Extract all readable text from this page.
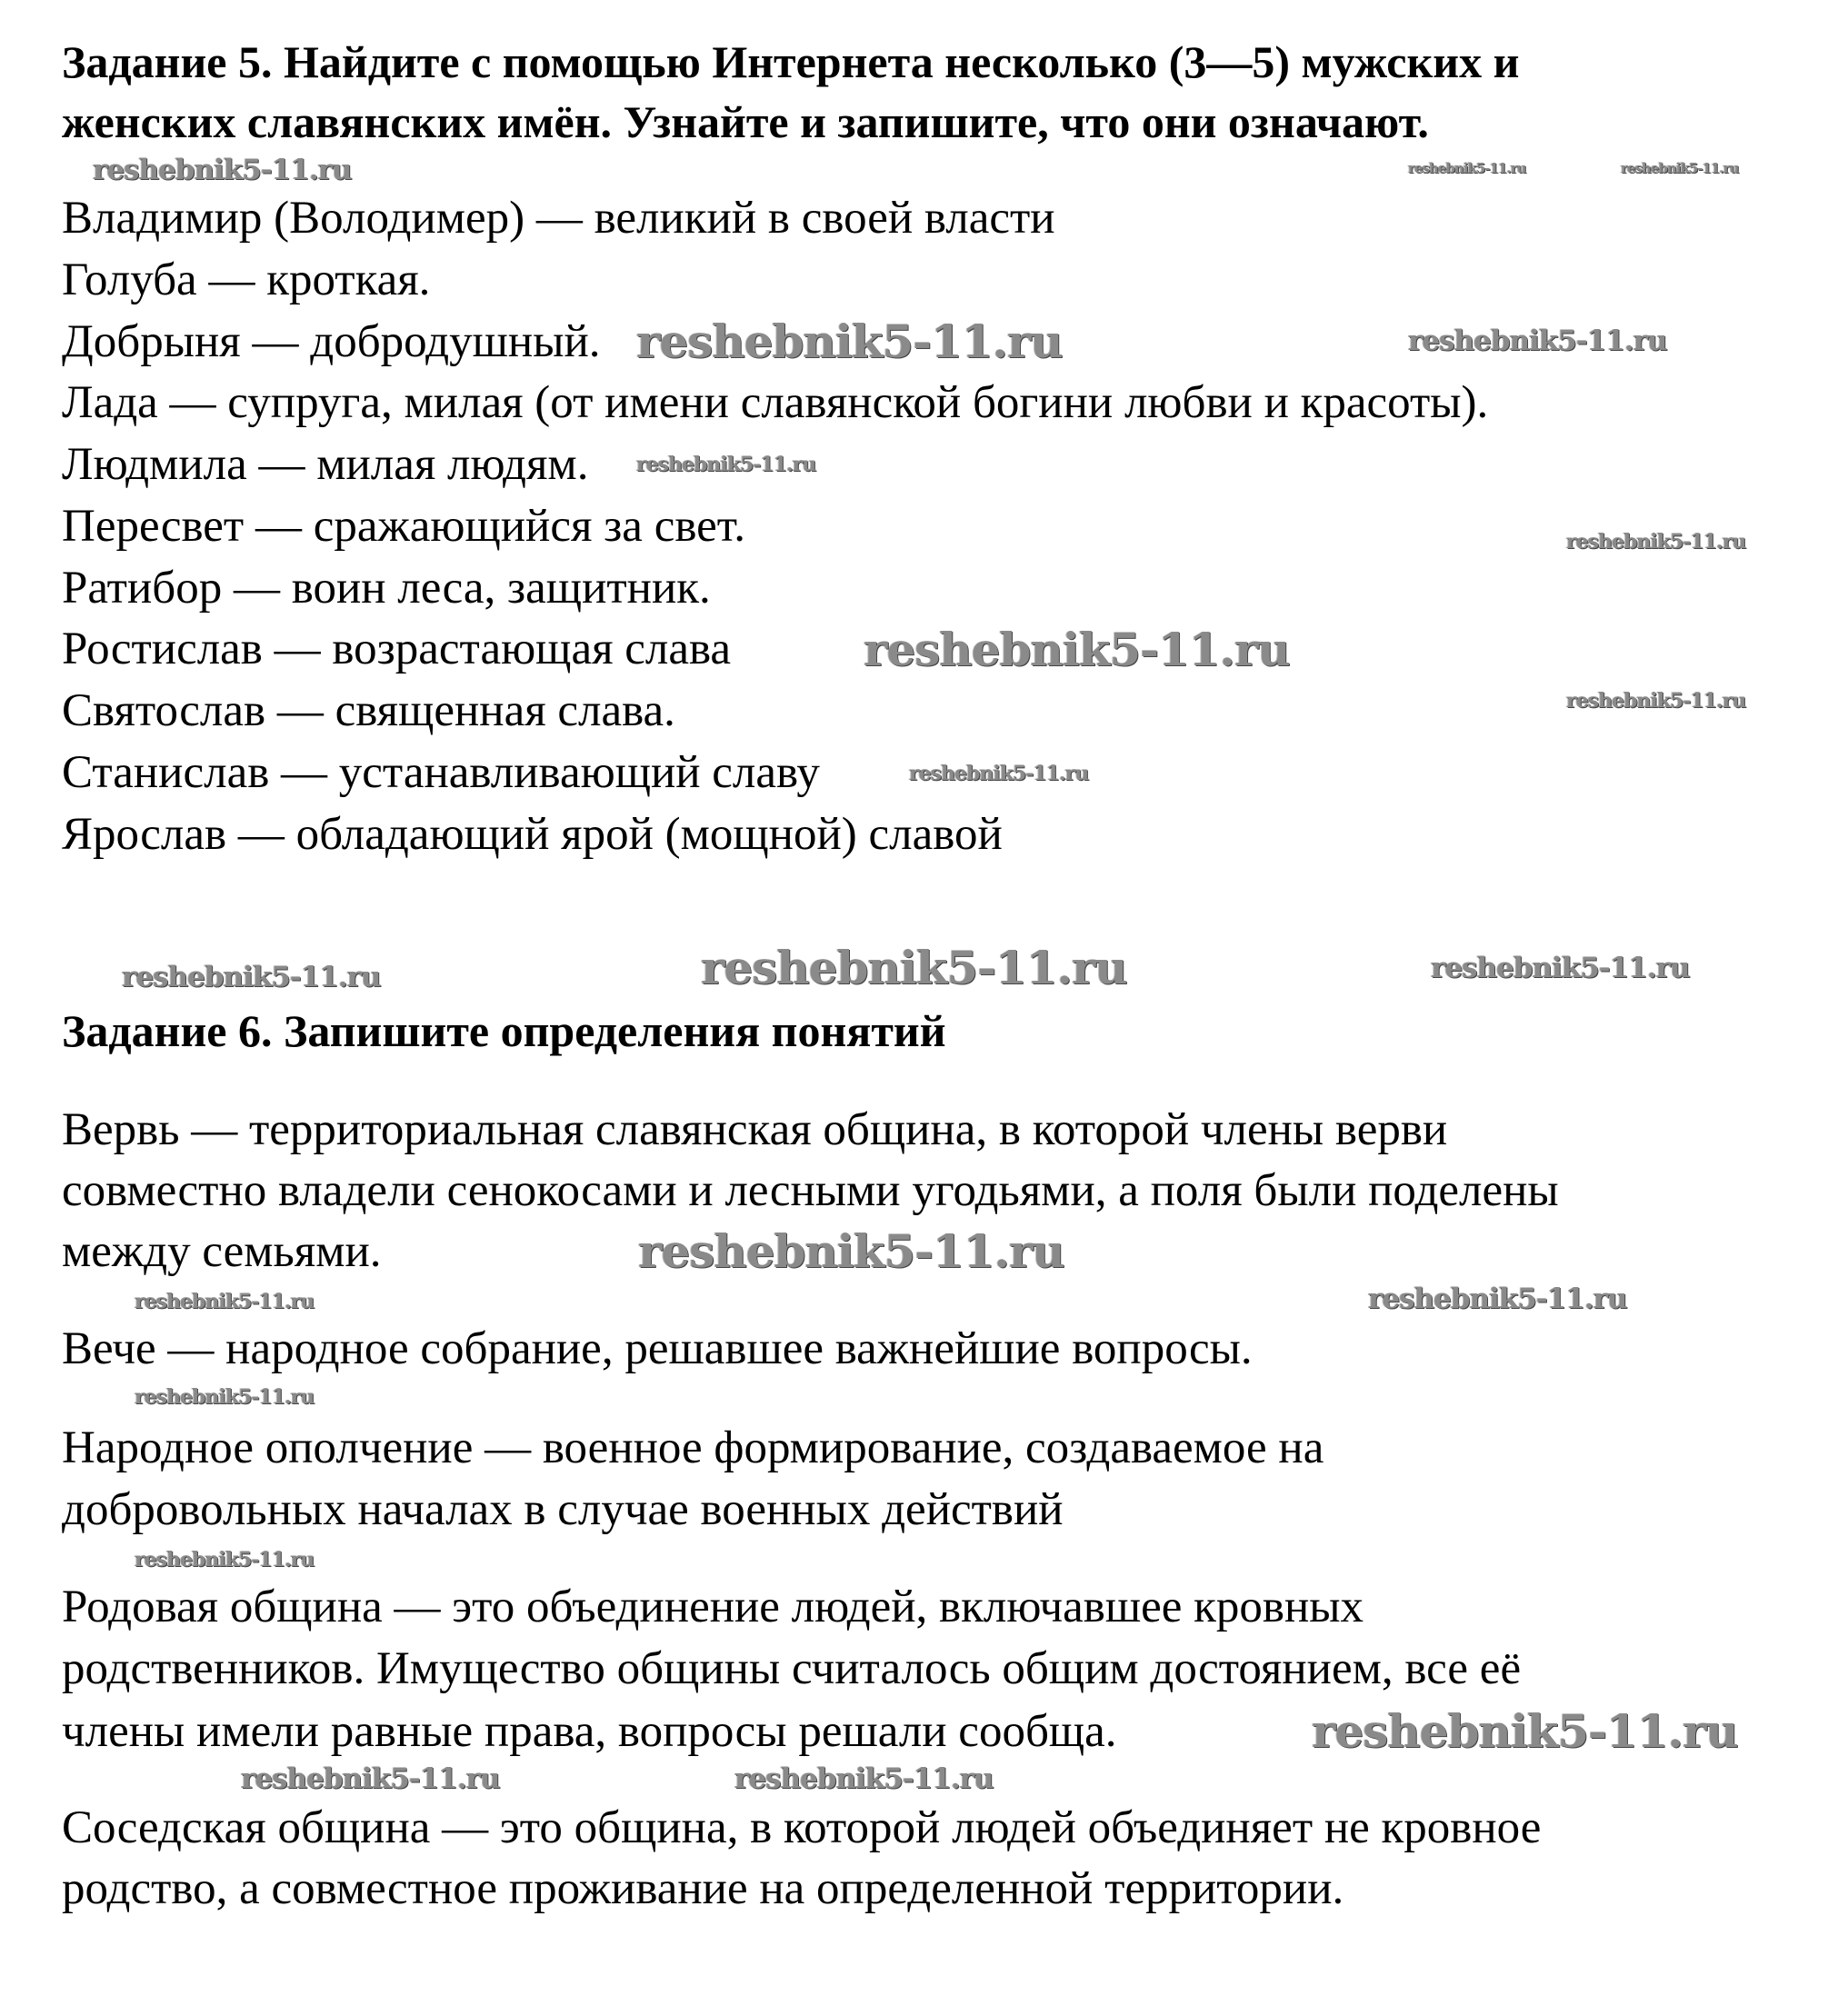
Задание 5. Найдите с помощью Интернета несколько (3—5) мужских и
женских славянских имён. Узнайте и запишите, что они означают.
Владимир (Володимер) — великий в своей власти
Голуба — кроткая.
Добрыня — добродушный.
Лада — супруга, милая (от имени славянской богини любви и красоты).
Людмила — милая людям.
Пересвет — сражающийся за свет.
Ратибор — воин леса, защитник.
Ростислав — возрастающая слава
Святослав — священная слава.
Станислав — устанавливающий славу
Ярослав — обладающий ярой (мощной) славой
Задание 6. Запишите определения понятий
Вервь — территориальная славянская община, в которой члены верви
совместно владели сенокосами и лесными угодьями, а поля были поделены
между семьями.
Вече — народное собрание, решавшее важнейшие вопросы.
Народное ополчение — военное формирование, создаваемое на
добровольных началах в случае военных действий
Родовая община — это объединение людей, включавшее кровных
родственников. Имущество общины считалось общим достоянием, все её
члены имели равные права, вопросы решали сообща.
Соседская община — это община, в которой людей объединяет не кровное
родство, а совместное проживание на определенной территории.
reshebnik5-11.ru	reshebnik5-11.ru
reshebnik5-11.ru
reshebnik5-11.ru	reshebnik5-11.ru
reshebnik5-11.ru
reshebnik5-11.ru
reshebnik5-11.ru
reshebnik5-11.ru
reshebnik5-11.ru
reshebnik5-11.ru
reshebnik5-11.ru
reshebnik5-11.ru
reshebnik5-11.ru	reshebnik5-11.ru
reshebnik5-11.ru
reshebnik5-11.ru
reshebnik5-11.ru
reshebnik5-11.ru
reshebnik5-11.ru	reshebnik5-11.ru
